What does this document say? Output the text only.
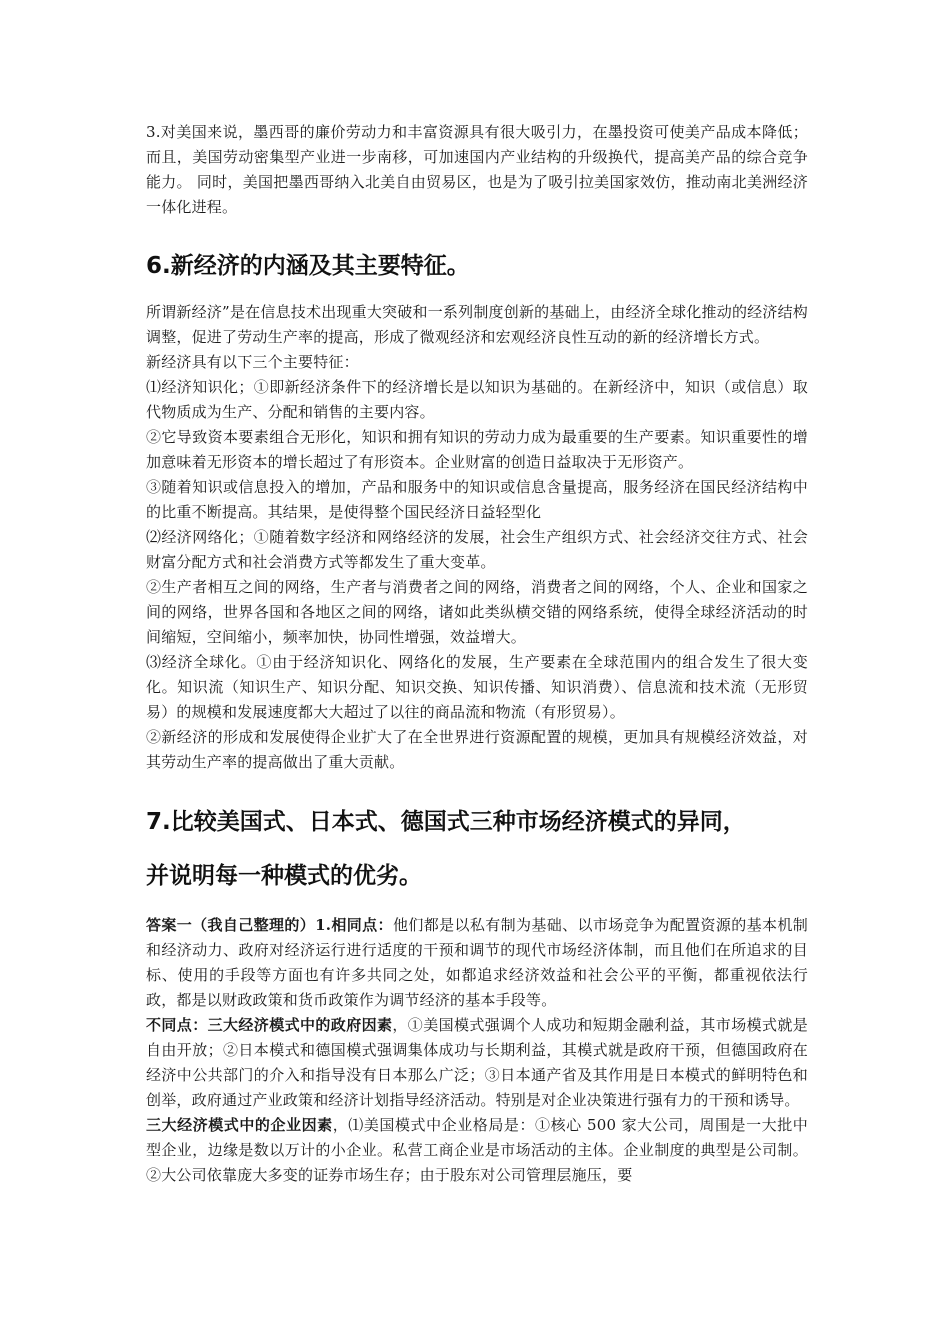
3.对美国来说，墨西哥的廉价劳动力和丰富资源具有很大吸引力，在墨投资可使美产品成本降低；而且，美国劳动密集型产业进一步南移，可加速国内产业结构的升级换代，提高美产品的综合竞争能力。 同时，美国把墨西哥纳入北美自由贸易区，也是为了吸引拉美国家效仿，推动南北美洲经济一体化进程。

6.新经济的内涵及其主要特征。

所谓新经济”是在信息技术出现重大突破和一系列制度创新的基础上，由经济全球化推动的经济结构调整，促进了劳动生产率的提高，形成了微观经济和宏观经济良性互动的新的经济增长方式。

新经济具有以下三个主要特征：

⑴经济知识化；①即新经济条件下的经济增长是以知识为基础的。在新经济中，知识（或信息）取代物质成为生产、分配和销售的主要内容。

②它导致资本要素组合无形化，知识和拥有知识的劳动力成为最重要的生产要素。知识重要性的增加意味着无形资本的增长超过了有形资本。企业财富的创造日益取决于无形资产。

③随着知识或信息投入的增加，产品和服务中的知识或信息含量提高，服务经济在国民经济结构中的比重不断提高。其结果，是使得整个国民经济日益轻型化

⑵经济网络化；①随着数字经济和网络经济的发展，社会生产组织方式、社会经济交往方式、社会财富分配方式和社会消费方式等都发生了重大变革。

②生产者相互之间的网络，生产者与消费者之间的网络，消费者之间的网络，个人、企业和国家之间的网络，世界各国和各地区之间的网络，诸如此类纵横交错的网络系统，使得全球经济活动的时间缩短，空间缩小，频率加快，协同性增强，效益增大。

⑶经济全球化。①由于经济知识化、网络化的发展，生产要素在全球范围内的组合发生了很大变化。知识流（知识生产、知识分配、知识交换、知识传播、知识消费）、信息流和技术流（无形贸易）的规模和发展速度都大大超过了以往的商品流和物流（有形贸易）。

②新经济的形成和发展使得企业扩大了在全世界进行资源配置的规模，更加具有规模经济效益，对其劳动生产率的提高做出了重大贡献。

7.比较美国式、日本式、德国式三种市场经济模式的异同，
并说明每一种模式的优劣。

答案一（我自己整理的）1.相同点：他们都是以私有制为基础、以市场竞争为配置资源的基本机制和经济动力、政府对经济运行进行适度的干预和调节的现代市场经济体制，而且他们在所追求的目标、使用的手段等方面也有许多共同之处，如都追求经济效益和社会公平的平衡，都重视依法行政，都是以财政政策和货币政策作为调节经济的基本手段等。

不同点：三大经济模式中的政府因素，①美国模式强调个人成功和短期金融利益，其市场模式就是自由开放；②日本模式和德国模式强调集体成功与长期利益，其模式就是政府干预，但德国政府在经济中公共部门的介入和指导没有日本那么广泛；③日本通产省及其作用是日本模式的鲜明特色和创举，政府通过产业政策和经济计划指导经济活动。特别是对企业决策进行强有力的干预和诱导。

三大经济模式中的企业因素，⑴美国模式中企业格局是：①核心 500 家大公司，周围是一大批中型企业，边缘是数以万计的小企业。私营工商企业是市场活动的主体。企业制度的典型是公司制。②大公司依靠庞大多变的证券市场生存；由于股东对公司管理层施压，要
